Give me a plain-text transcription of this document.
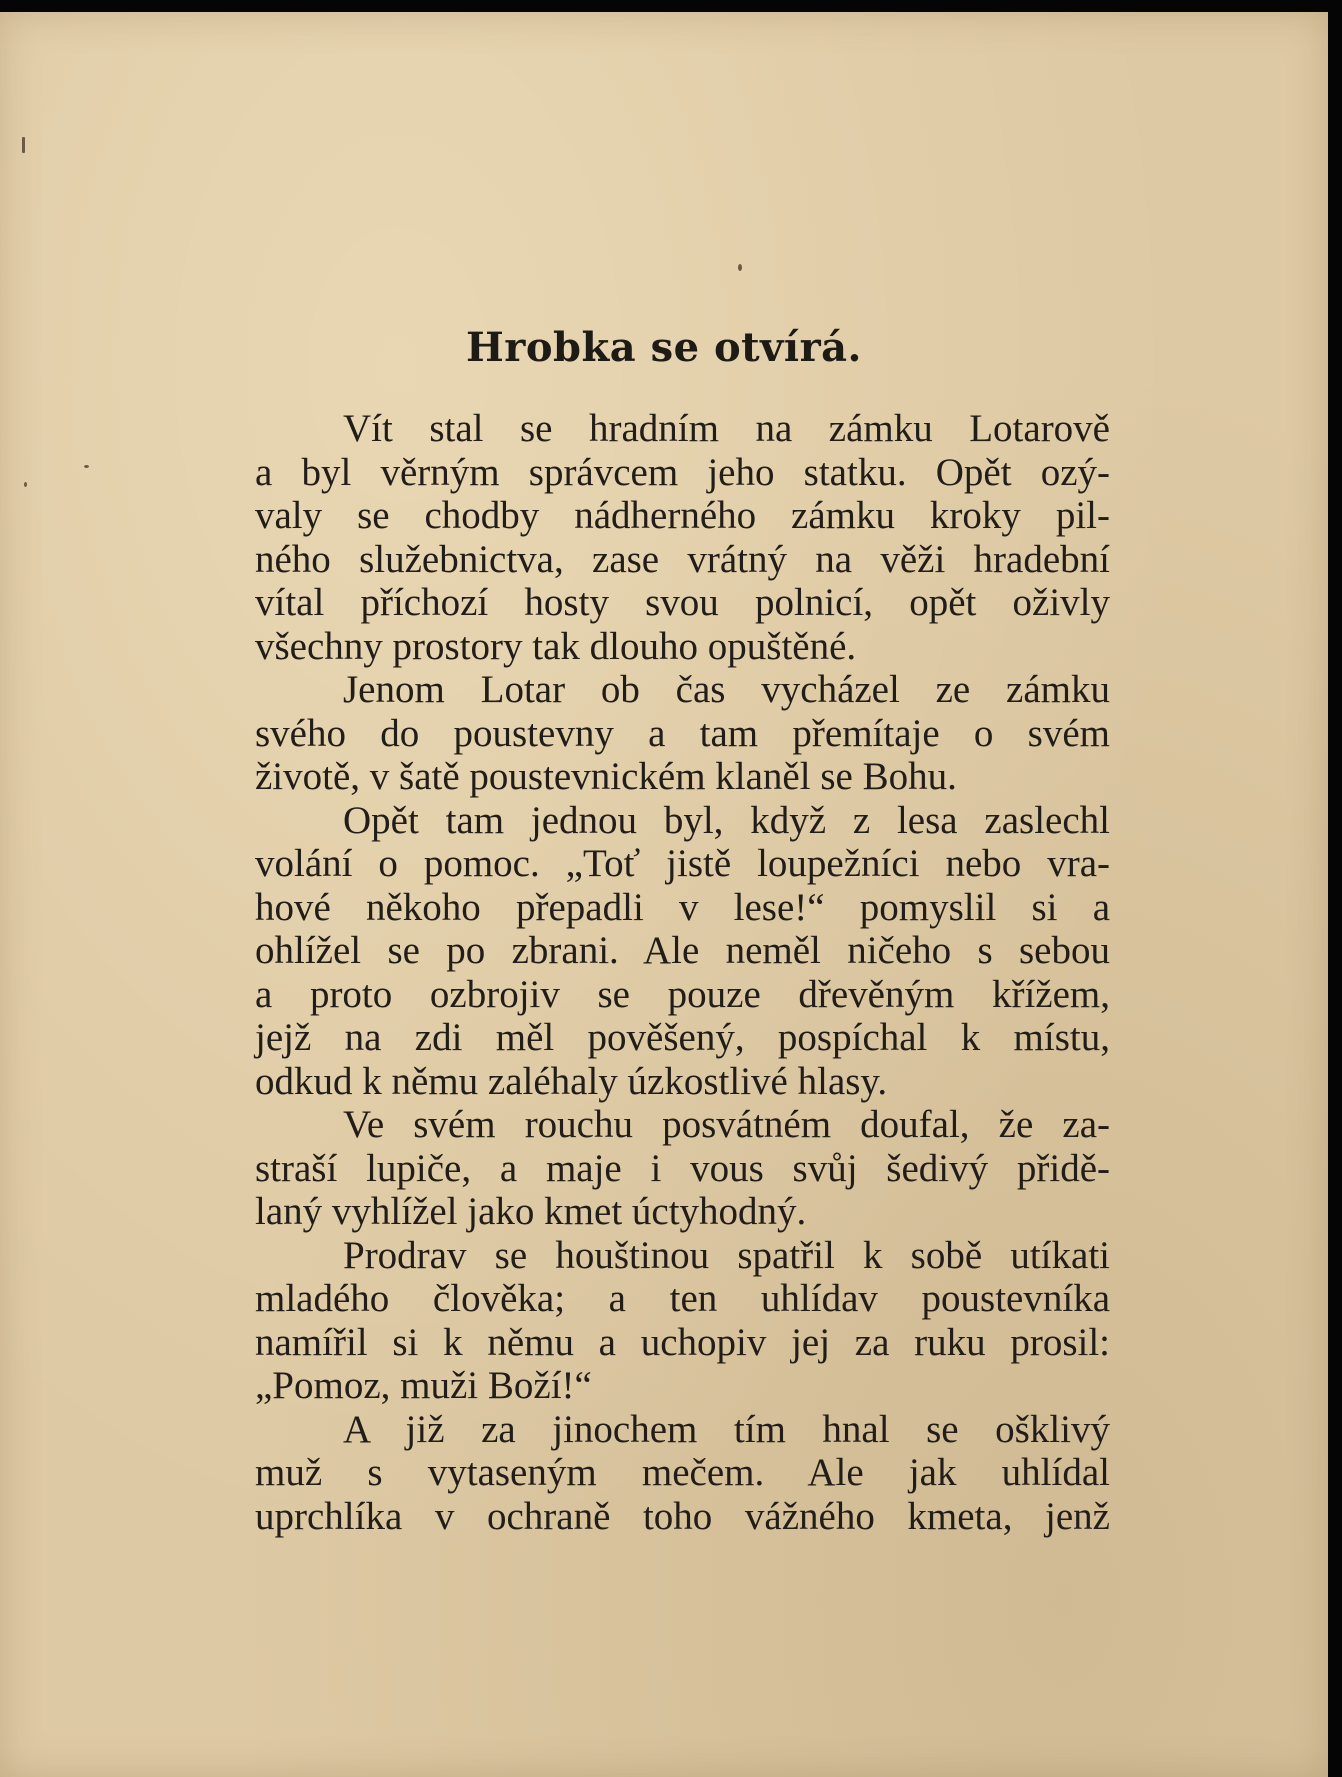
Hrobka se otvírá.
Vít stal se hradním na zámku Lotarově
a byl věrným správcem jeho statku. Opět ozý-
valy se chodby nádherného zámku kroky pil-
ného služebnictva, zase vrátný na věži hradební
vítal příchozí hosty svou polnicí, opět oživly
všechny prostory tak dlouho opuštěné.
Jenom Lotar ob čas vycházel ze zámku
svého do poustevny a tam přemítaje o svém
životě, v šatě poustevnickém klaněl se Bohu.
Opět tam jednou byl, když z lesa zaslechl
volání o pomoc. „Toť jistě loupežníci nebo vra-
hové někoho přepadli v lese!“ pomyslil si a
ohlížel se po zbrani. Ale neměl ničeho s sebou
a proto ozbrojiv se pouze dřevěným křížem,
jejž na zdi měl pověšený, pospíchal k místu,
odkud k němu zaléhaly úzkostlivé hlasy.
Ve svém rouchu posvátném doufal, že za-
straší lupiče, a maje i vous svůj šedivý přidě-
laný vyhlížel jako kmet úctyhodný.
Prodrav se houštinou spatřil k sobě utíkati
mladého člověka; a ten uhlídav poustevníka
namířil si k němu a uchopiv jej za ruku prosil:
„Pomoz, muži Boží!“
A již za jinochem tím hnal se ošklivý
muž s vytaseným mečem. Ale jak uhlídal
uprchlíka v ochraně toho vážného kmeta, jenž
